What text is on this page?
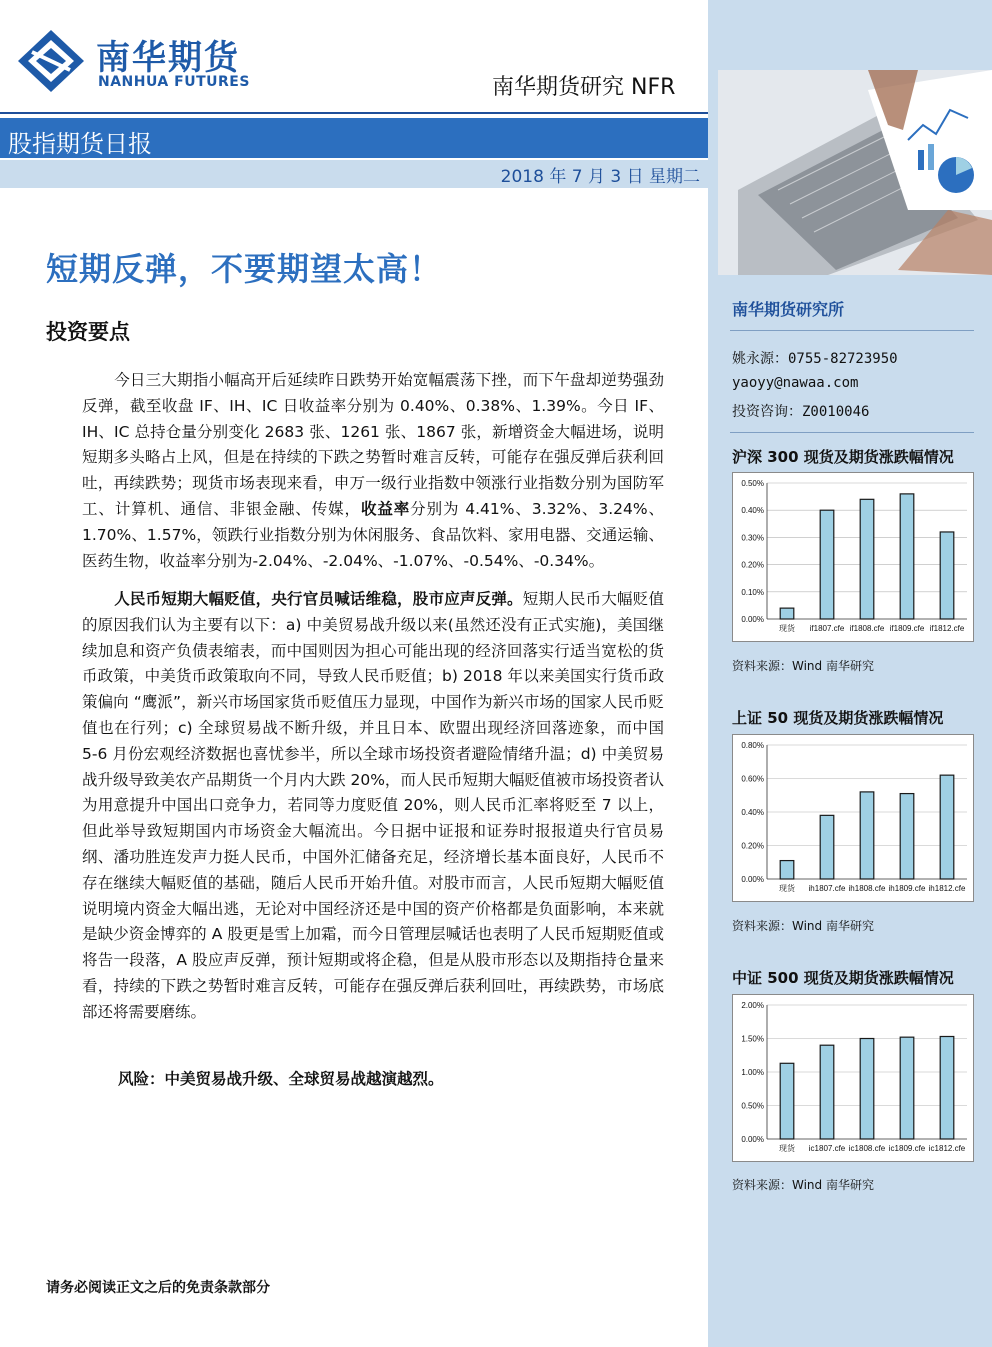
南华期货
NANHUA FUTURES	南华期货研究 NFR
股指期货日报
2018 年 7 月 3 日 星期二
短期反弹，不要期望太高！
投资要点
今日三大期指小幅高开后延续昨日跌势开始宽幅震荡下挫，而下午盘却逆势强劲反弹，截至收盘 IF、IH、IC 日收益率分别为 0.40%、0.38%、1.39%。今日 IF、IH、IC 总持仓量分别变化 2683 张、1261 张、1867 张，新增资金大幅进场，说明短期多头略占上风，但是在持续的下跌之势暂时难言反转，可能存在强反弹后获利回吐，再续跌势；现货市场表现来看，申万一级行业指数中领涨行业指数分别为国防军工、计算机、通信、非银金融、传媒，收益率分别为 4.41%、3.32%、3.24%、1.70%、1.57%，领跌行业指数分别为休闲服务、食品饮料、家用电器、交通运输、医药生物，收益率分别为-2.04%、-2.04%、-1.07%、-0.54%、-0.34%。
人民币短期大幅贬值，央行官员喊话维稳，股市应声反弹。短期人民币大幅贬值的原因我们认为主要有以下：a) 中美贸易战升级以来(虽然还没有正式实施)，美国继续加息和资产负债表缩表，而中国则因为担心可能出现的经济回落实行适当宽松的货币政策，中美货币政策取向不同，导致人民币贬值；b) 2018 年以来美国实行货币政策偏向 “鹰派”，新兴市场国家货币贬值压力显现，中国作为新兴市场的国家人民币贬值也在行列；c) 全球贸易战不断升级，并且日本、欧盟出现经济回落迹象，而中国 5-6 月份宏观经济数据也喜忧参半，所以全球市场投资者避险情绪升温；d) 中美贸易战升级导致美农产品期货一个月内大跌 20%，而人民币短期大幅贬值被市场投资者认为用意提升中国出口竞争力，若同等力度贬值 20%，则人民币汇率将贬至 7 以上，但此举导致短期国内市场资金大幅流出。今日据中证报和证券时报报道央行官员易纲、潘功胜连发声力挺人民币，中国外汇储备充足，经济增长基本面良好，人民币不存在继续大幅贬值的基础，随后人民币开始升值。对股市而言，人民币短期大幅贬值说明境内资金大幅出逃，无论对中国经济还是中国的资产价格都是负面影响，本来就是缺少资金博弈的 A 股更是雪上加霜，而今日管理层喊话也表明了人民币短期贬值或将告一段落，A 股应声反弹，预计短期或将企稳，但是从股市形态以及期指持仓量来看，持续的下跌之势暂时难言反转，可能存在强反弹后获利回吐，再续跌势，市场底部还将需要磨练。
风险：中美贸易战升级、全球贸易战越演越烈。
请务必阅读正文之后的免责条款部分
南华期货研究所
姚永源：0755-82723950
yaoyy@nawaa.com
投资咨询：Z0010046
沪深 300 现货及期货涨跌幅情况
0.00%
0.10%
0.20%
0.30%
0.40%
0.50%
现货 if1807.cfe if1808.cfe if1809.cfe if1812.cfe
资料来源：Wind 南华研究
上证 50 现货及期货涨跌幅情况
0.00%
0.20%
0.40%
0.60%
0.80%
现货 ih1807.cfe ih1808.cfe ih1809.cfe ih1812.cfe
资料来源：Wind 南华研究
中证 500 现货及期货涨跌幅情况
0.00%
0.50%
1.00%
1.50%
2.00%
现货 ic1807.cfe ic1808.cfe ic1809.cfe ic1812.cfe
资料来源：Wind 南华研究
